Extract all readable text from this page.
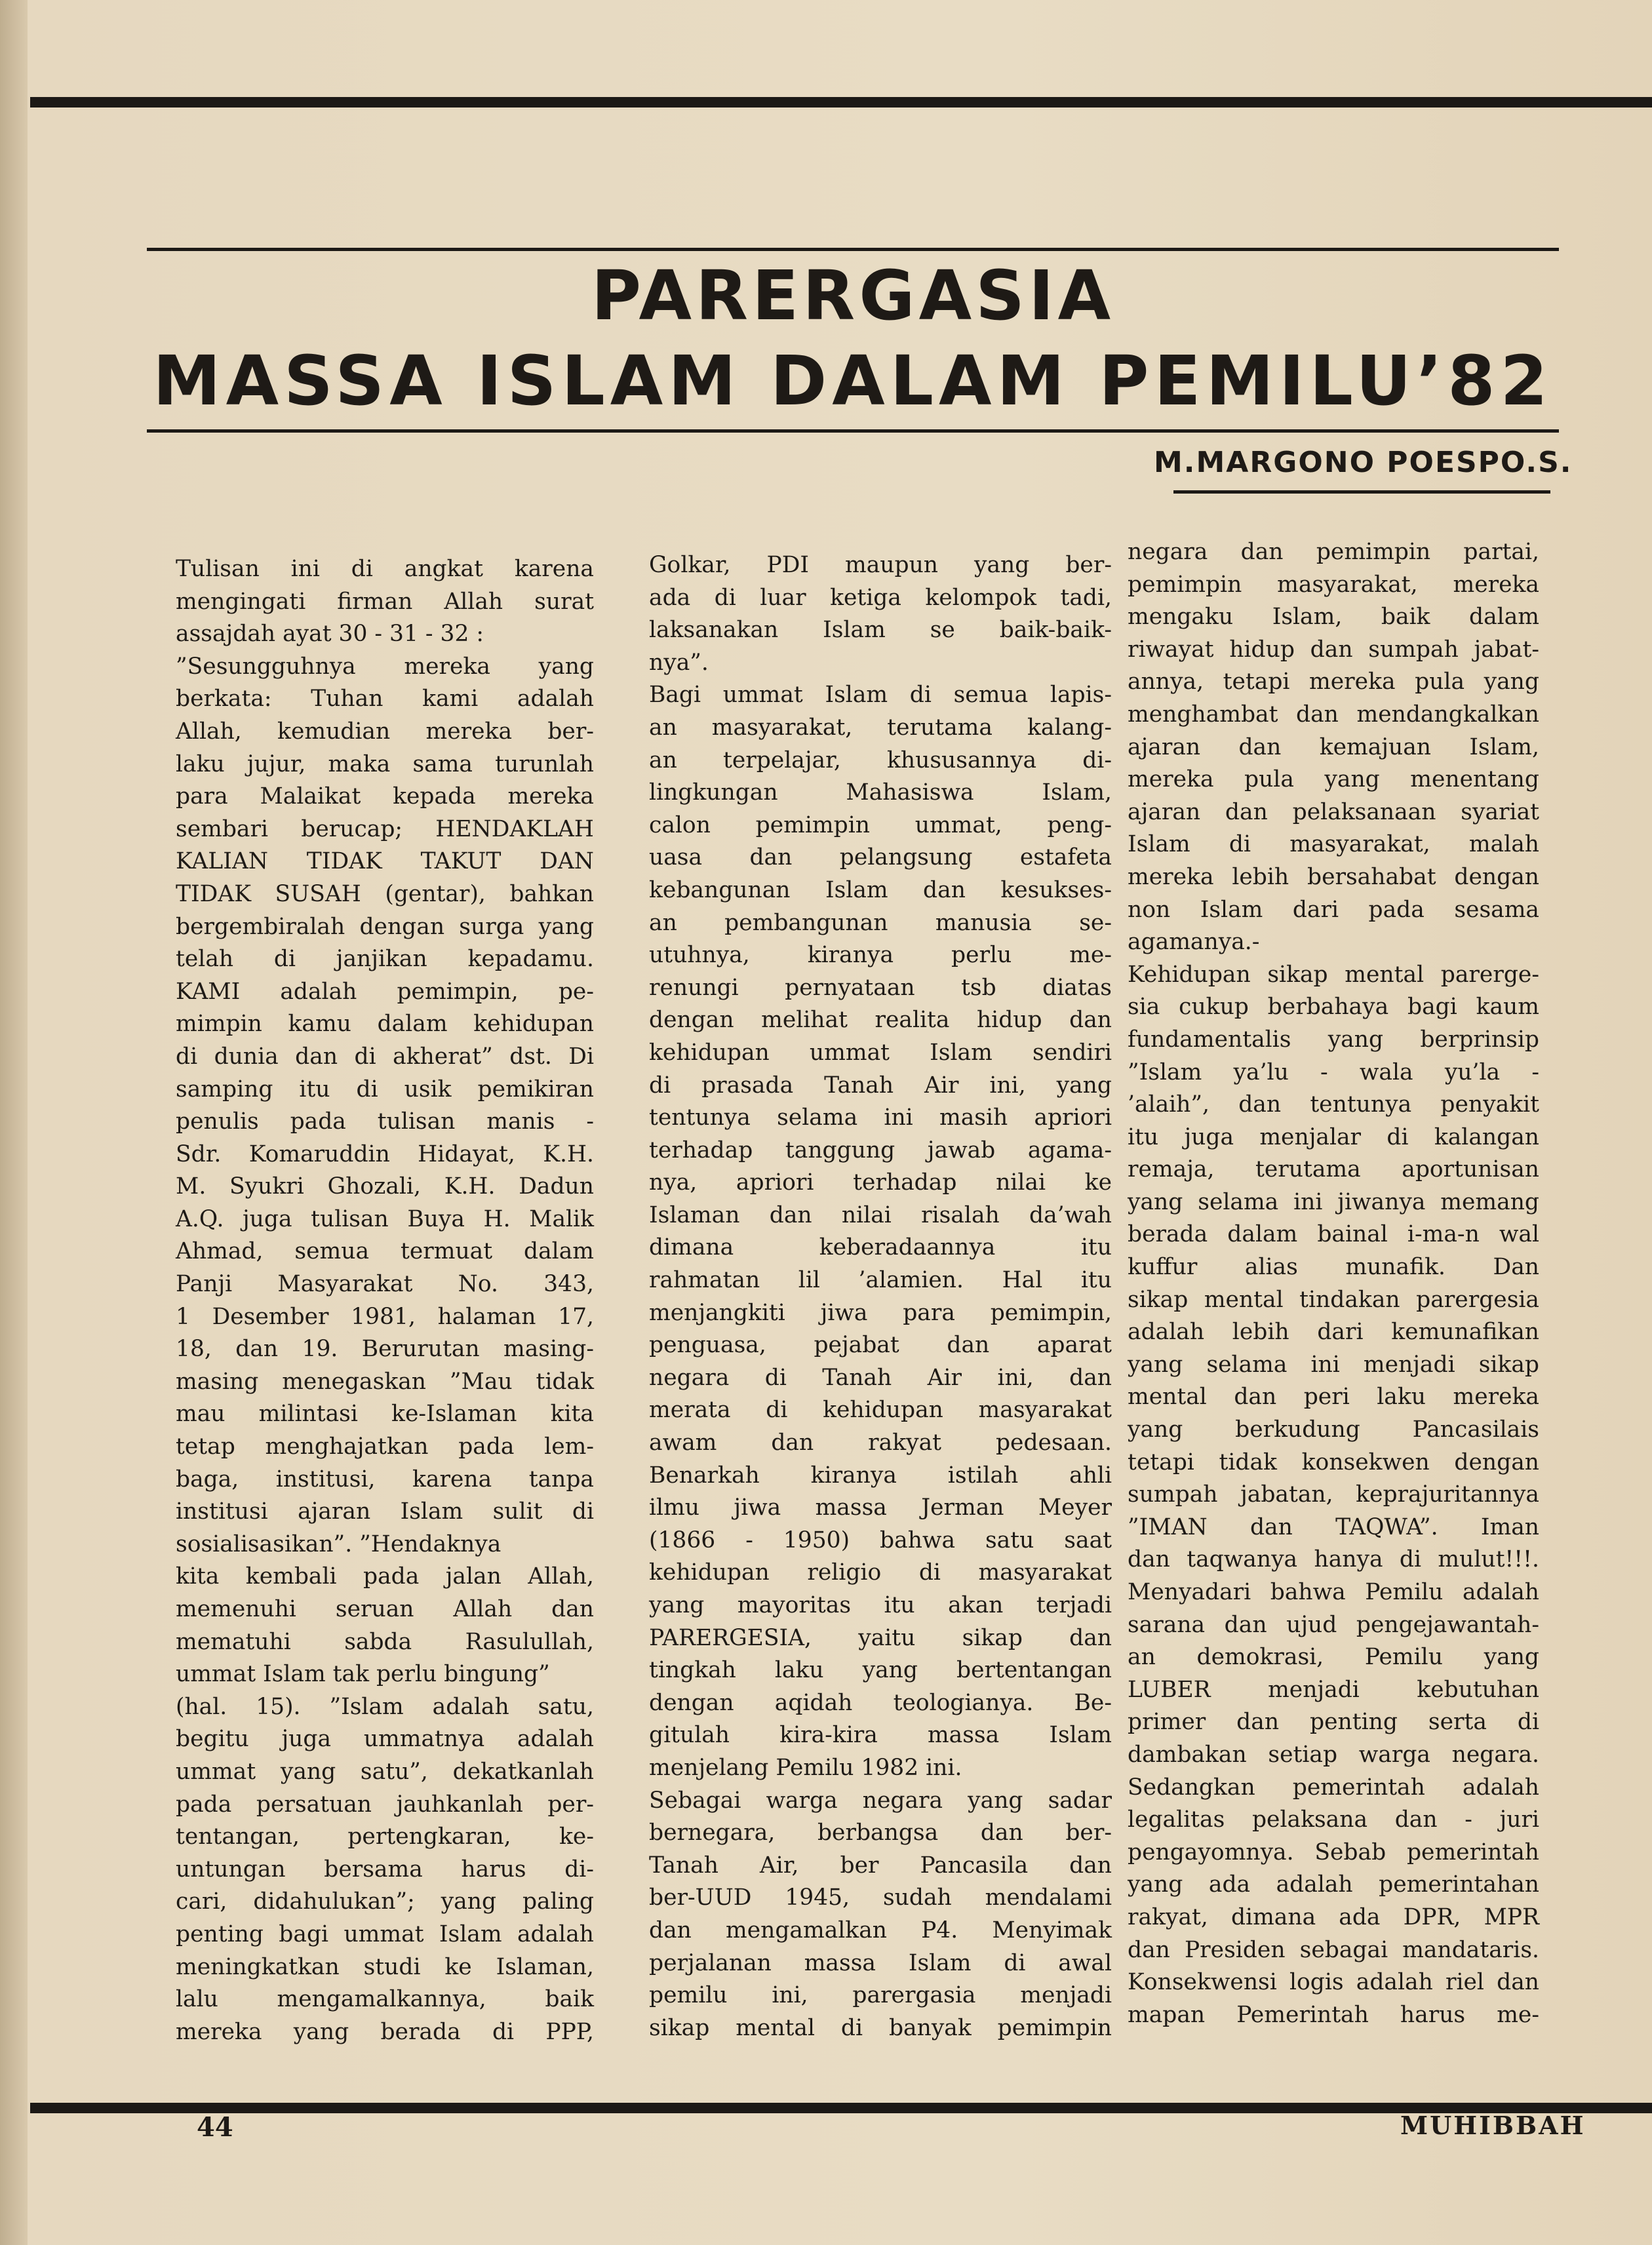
PARERGASIA
MASSA ISLAM DALAM PEMILU’82
M.MARGONO POESPO.S.
Tulisan ini di angkat karena
mengingati firman Allah surat
assajdah ayat 30 - 31 - 32 :
”Sesungguhnya mereka yang
berkata: Tuhan kami adalah
Allah, kemudian mereka ber-
laku jujur, maka sama turunlah
para Malaikat kepada mereka
sembari berucap; HENDAKLAH
KALIAN TIDAK TAKUT DAN
TIDAK SUSAH (gentar), bahkan
bergembiralah dengan surga yang
telah di janjikan kepadamu.
KAMI adalah pemimpin, pe-
mimpin kamu dalam kehidupan
di dunia dan di akherat” dst. Di
samping itu di usik pemikiran
penulis pada tulisan manis -
Sdr. Komaruddin Hidayat, K.H.
M. Syukri Ghozali, K.H. Dadun
A.Q. juga tulisan Buya H. Malik
Ahmad, semua termuat dalam
Panji Masyarakat No. 343,
1 Desember 1981, halaman 17,
18, dan 19. Berurutan masing-
masing menegaskan ”Mau tidak
mau milintasi ke-Islaman kita
tetap menghajatkan pada lem-
baga, institusi, karena tanpa
institusi ajaran Islam sulit di
sosialisasikan”. ”Hendaknya
kita kembali pada jalan Allah,
memenuhi seruan Allah dan
mematuhi sabda Rasulullah,
ummat Islam tak perlu bingung”
(hal. 15). ”Islam adalah satu,
begitu juga ummatnya adalah
ummat yang satu”, dekatkanlah
pada persatuan jauhkanlah per-
tentangan, pertengkaran, ke-
untungan bersama harus di-
cari, didahulukan”; yang paling
penting bagi ummat Islam adalah
meningkatkan studi ke Islaman,
lalu mengamalkannya, baik
mereka yang berada di PPP,
Golkar, PDI maupun yang ber-
ada di luar ketiga kelompok tadi,
laksanakan Islam se baik-baik-
nya”.
Bagi ummat Islam di semua lapis-
an masyarakat, terutama kalang-
an terpelajar, khususannya di-
lingkungan Mahasiswa Islam,
calon pemimpin ummat, peng-
uasa dan pelangsung estafeta
kebangunan Islam dan kesukses-
an pembangunan manusia se-
utuhnya, kiranya perlu me-
renungi pernyataan tsb diatas
dengan melihat realita hidup dan
kehidupan ummat Islam sendiri
di prasada Tanah Air ini, yang
tentunya selama ini masih apriori
terhadap tanggung jawab agama-
nya, apriori terhadap nilai ke
Islaman dan nilai risalah da’wah
dimana keberadaannya itu
rahmatan lil ’alamien. Hal itu
menjangkiti jiwa para pemimpin,
penguasa, pejabat dan aparat
negara di Tanah Air ini, dan
merata di kehidupan masyarakat
awam dan rakyat pedesaan.
Benarkah kiranya istilah ahli
ilmu jiwa massa Jerman Meyer
(1866 - 1950) bahwa satu saat
kehidupan religio di masyarakat
yang mayoritas itu akan terjadi
PARERGESIA, yaitu sikap dan
tingkah laku yang bertentangan
dengan aqidah teologianya. Be-
gitulah kira-kira massa Islam
menjelang Pemilu 1982 ini.
Sebagai warga negara yang sadar
bernegara, berbangsa dan ber-
Tanah Air, ber Pancasila dan
ber-UUD 1945, sudah mendalami
dan mengamalkan P4. Menyimak
perjalanan massa Islam di awal
pemilu ini, parergasia menjadi
sikap mental di banyak pemimpin
negara dan pemimpin partai,
pemimpin masyarakat, mereka
mengaku Islam, baik dalam
riwayat hidup dan sumpah jabat-
annya, tetapi mereka pula yang
menghambat dan mendangkalkan
ajaran dan kemajuan Islam,
mereka pula yang menentang
ajaran dan pelaksanaan syariat
Islam di masyarakat, malah
mereka lebih bersahabat dengan
non Islam dari pada sesama
agamanya.-
Kehidupan sikap mental parerge-
sia cukup berbahaya bagi kaum
fundamentalis yang berprinsip
”Islam ya’lu - wala yu’la -
’alaih”, dan tentunya penyakit
itu juga menjalar di kalangan
remaja, terutama aportunisan
yang selama ini jiwanya memang
berada dalam bainal i-ma-n wal
kuffur alias munafik. Dan
sikap mental tindakan parergesia
adalah lebih dari kemunafikan
yang selama ini menjadi sikap
mental dan peri laku mereka
yang berkudung Pancasilais
tetapi tidak konsekwen dengan
sumpah jabatan, keprajuritannya
”IMAN dan TAQWA”. Iman
dan taqwanya hanya di mulut!!!.
Menyadari bahwa Pemilu adalah
sarana dan ujud pengejawantah-
an demokrasi, Pemilu yang
LUBER menjadi kebutuhan
primer dan penting serta di
dambakan setiap warga negara.
Sedangkan pemerintah adalah
legalitas pelaksana dan - juri
pengayomnya. Sebab pemerintah
yang ada adalah pemerintahan
rakyat, dimana ada DPR, MPR
dan Presiden sebagai mandataris.
Konsekwensi logis adalah riel dan
mapan Pemerintah harus me-
44	MUHIBBAH
